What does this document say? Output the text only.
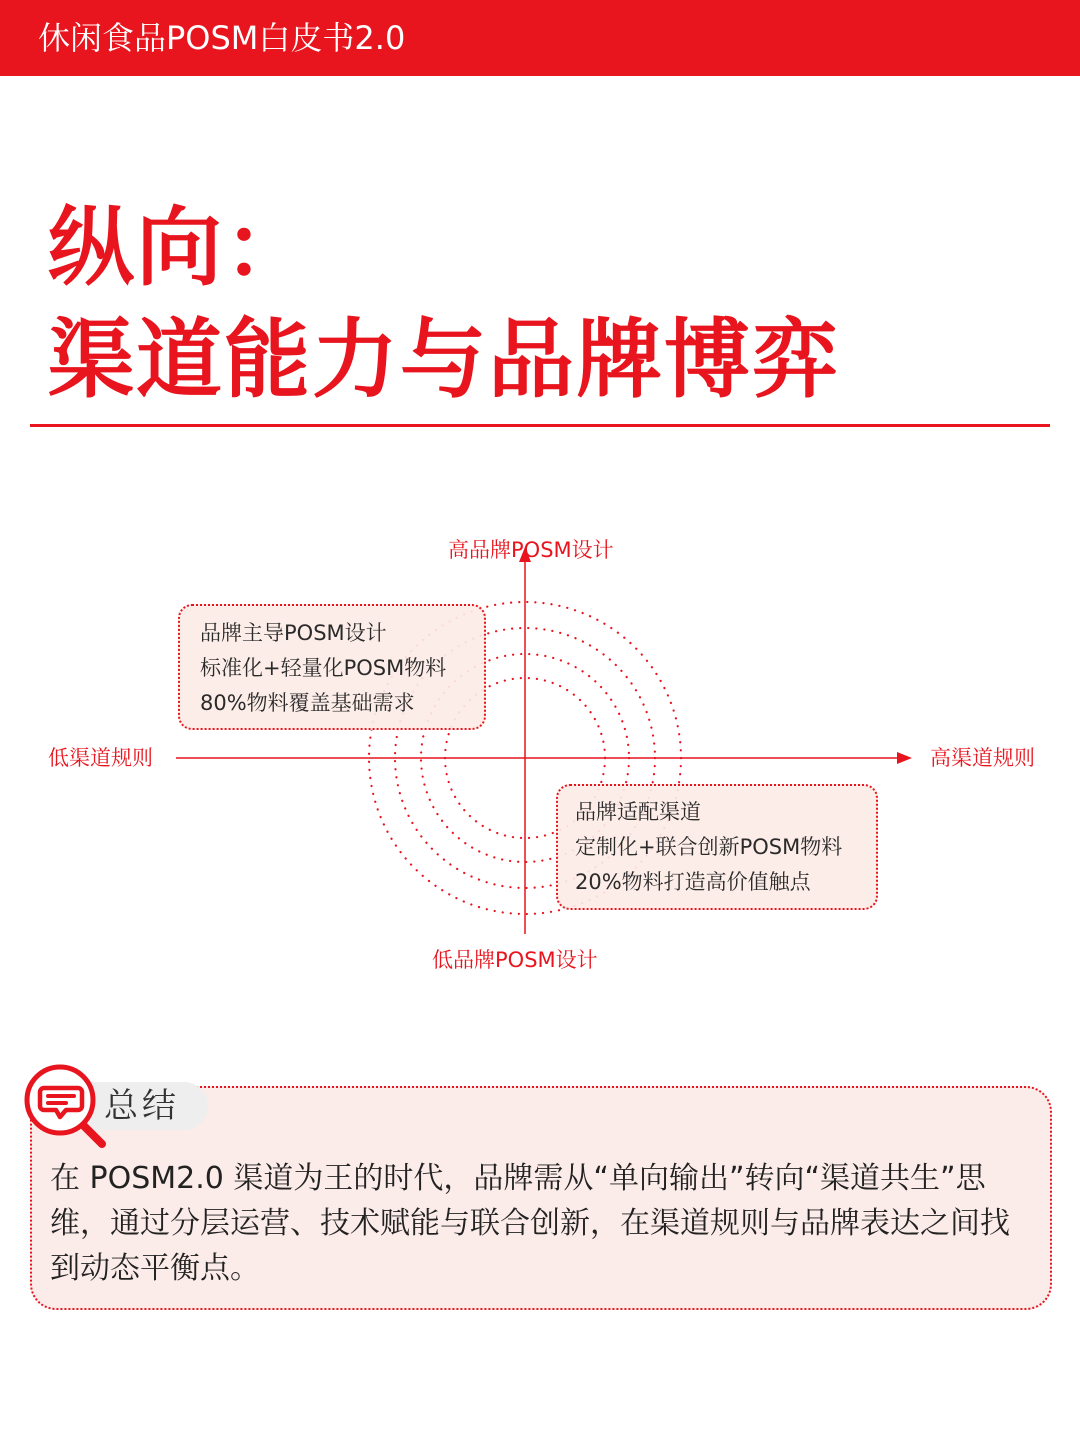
休闲食品POSM白皮书2.0
纵向：
渠道能力与品牌博弈
高品牌POSM设计
低品牌POSM设计
低渠道规则	高渠道规则
品牌主导POSM设计
标准化+轻量化POSM物料
80%物料覆盖基础需求
品牌适配渠道
定制化+联合创新POSM物料
20%物料打造高价值触点
总结
在 POSM2.0 渠道为王的时代，品牌需从“单向输出”转向“渠道共生”思维，通过分层运营、技术赋能与联合创新，在渠道规则与品牌表达之间找到动态平衡点。
